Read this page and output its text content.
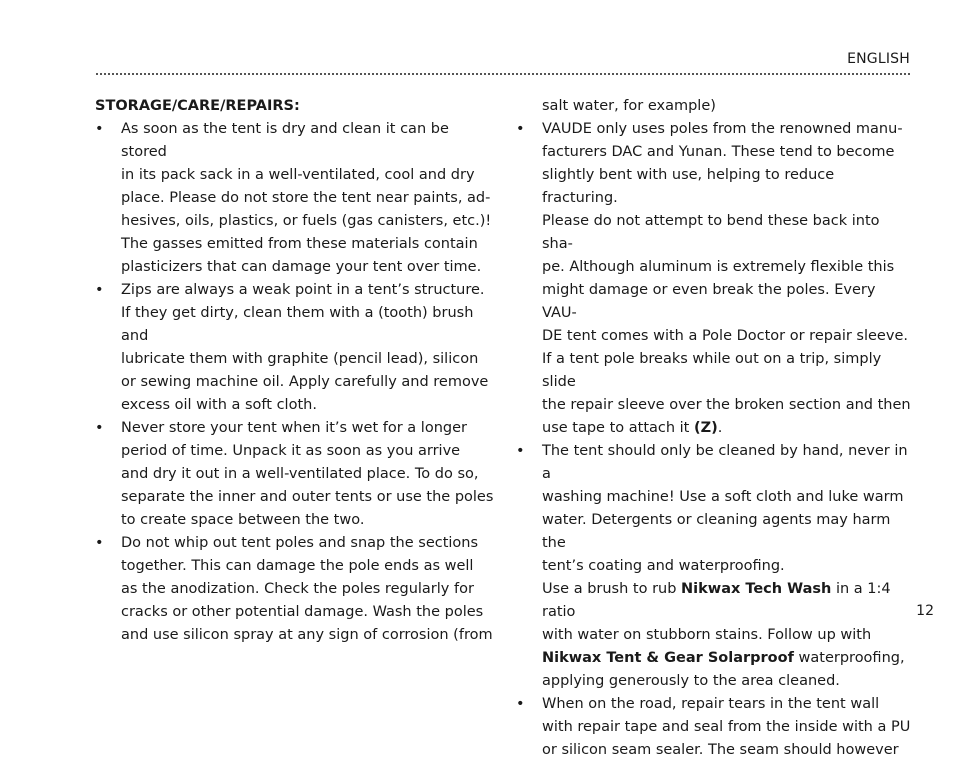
ENGLISH
STORAGE/CARE/REPAIRS:
• As soon as the tent is dry and clean it can be stored
in its pack sack in a well-ventilated, cool and dry
place. Please do not store the tent near paints, ad-
hesives, oils, plastics, or fuels (gas canisters, etc.)!
The gasses emitted from these materials contain
plasticizers that can damage your tent over time.
• Zips are always a weak point in a tent’s structure.
If they get dirty, clean them with a (tooth) brush and
lubricate them with graphite (pencil lead), silicon
or sewing machine oil. Apply carefully and remove
excess oil with a soft cloth.
• Never store your tent when it’s wet for a longer
period of time. Unpack it as soon as you arrive
and dry it out in a well-ventilated place. To do so,
separate the inner and outer tents or use the poles
to create space between the two.
• Do not whip out tent poles and snap the sections
together. This can damage the pole ends as well
as the anodization. Check the poles regularly for
cracks or other potential damage. Wash the poles
and use silicon spray at any sign of corrosion (from
salt water, for example)
• VAUDE only uses poles from the renowned manu-
facturers DAC and Yunan. These tend to become
slightly bent with use, helping to reduce fracturing.
Please do not attempt to bend these back into sha-
pe. Although aluminum is extremely flexible this
might damage or even break the poles. Every VAU-
DE tent comes with a Pole Doctor or repair sleeve.
If a tent pole breaks while out on a trip, simply slide
the repair sleeve over the broken section and then
use tape to attach it (Z).
• The tent should only be cleaned by hand, never in a
washing machine! Use a soft cloth and luke warm
water. Detergents or cleaning agents may harm the
tent’s coating and waterproofing.
Use a brush to rub Nikwax Tech Wash in a 1:4 ratio
with water on stubborn stains. Follow up with
Nikwax Tent & Gear Solarproof waterproofing,
applying generously to the area cleaned.
• When on the road, repair tears in the tent wall
with repair tape and seal from the inside with a PU
or silicon seam sealer. The seam should however
12
